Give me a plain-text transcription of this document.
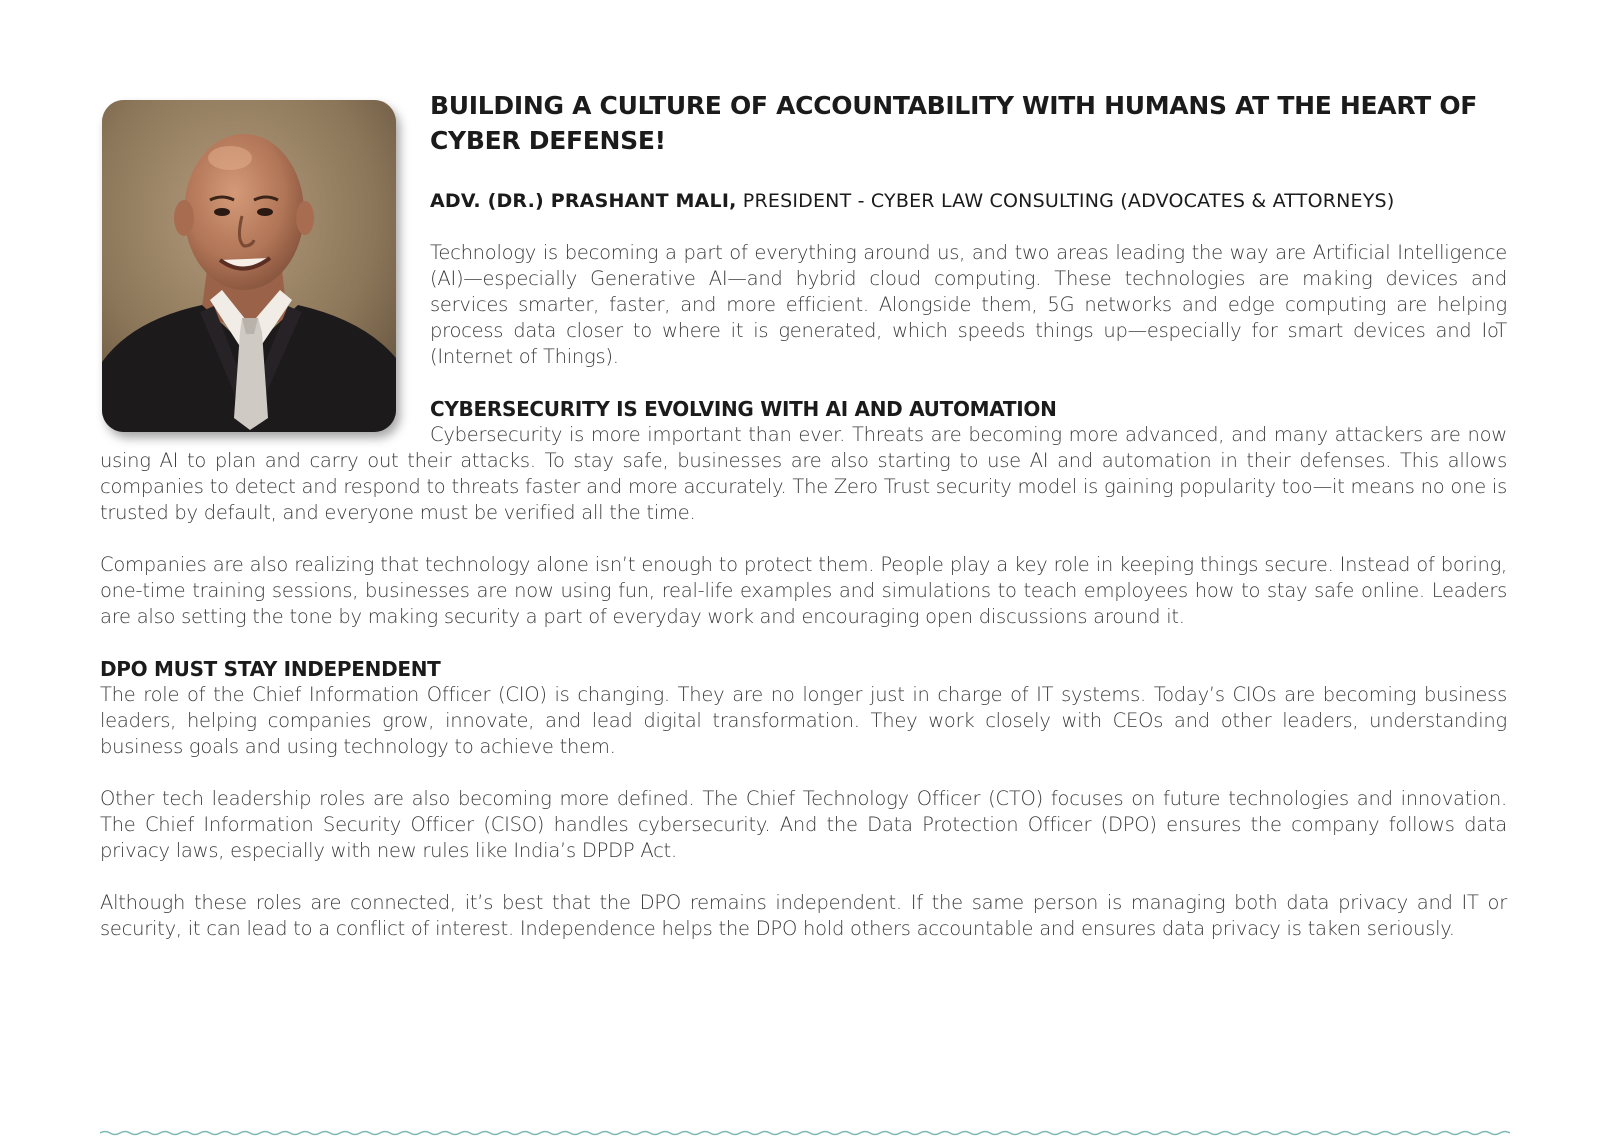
BUILDING A CULTURE OF ACCOUNTABILITY WITH HUMANS AT THE HEART OF CYBER DEFENSE!
ADV. (DR.) PRASHANT MALI, PRESIDENT - CYBER LAW CONSULTING (ADVOCATES & ATTORNEYS)

Technology is becoming a part of everything around us, and two areas leading the way are Artificial Intelligence (AI)—especially Generative AI—and hybrid cloud computing. These technologies are making devices and services smarter, faster, and more efficient. Alongside them, 5G networks and edge computing are helping process data closer to where it is generated, which speeds things up—especially for smart devices and IoT (Internet of Things).

CYBERSECURITY IS EVOLVING WITH AI AND AUTOMATION

Cybersecurity is more important than ever. Threats are becoming more advanced, and many attackers are now using AI to plan and carry out their attacks. To stay safe, businesses are also starting to use AI and automation in their defenses. This allows companies to detect and respond to threats faster and more accurately. The Zero Trust security model is gaining popularity too—it means no one is trusted by default, and everyone must be verified all the time.

Companies are also realizing that technology alone isn’t enough to protect them. People play a key role in keeping things secure. Instead of boring, one-time training sessions, businesses are now using fun, real-life examples and simulations to teach employees how to stay safe online. Leaders are also setting the tone by making security a part of everyday work and encouraging open discussions around it.

DPO MUST STAY INDEPENDENT

The role of the Chief Information Officer (CIO) is changing. They are no longer just in charge of IT systems. Today’s CIOs are becoming business leaders, helping companies grow, innovate, and lead digital transformation. They work closely with CEOs and other leaders, understanding business goals and using technology to achieve them.

Other tech leadership roles are also becoming more defined. The Chief Technology Officer (CTO) focuses on future technologies and innovation. The Chief Information Security Officer (CISO) handles cybersecurity. And the Data Protection Officer (DPO) ensures the company follows data privacy laws, especially with new rules like India’s DPDP Act.

Although these roles are connected, it’s best that the DPO remains independent. If the same person is managing both data privacy and IT or security, it can lead to a conflict of interest. Independence helps the DPO hold others accountable and ensures data privacy is taken seriously.
